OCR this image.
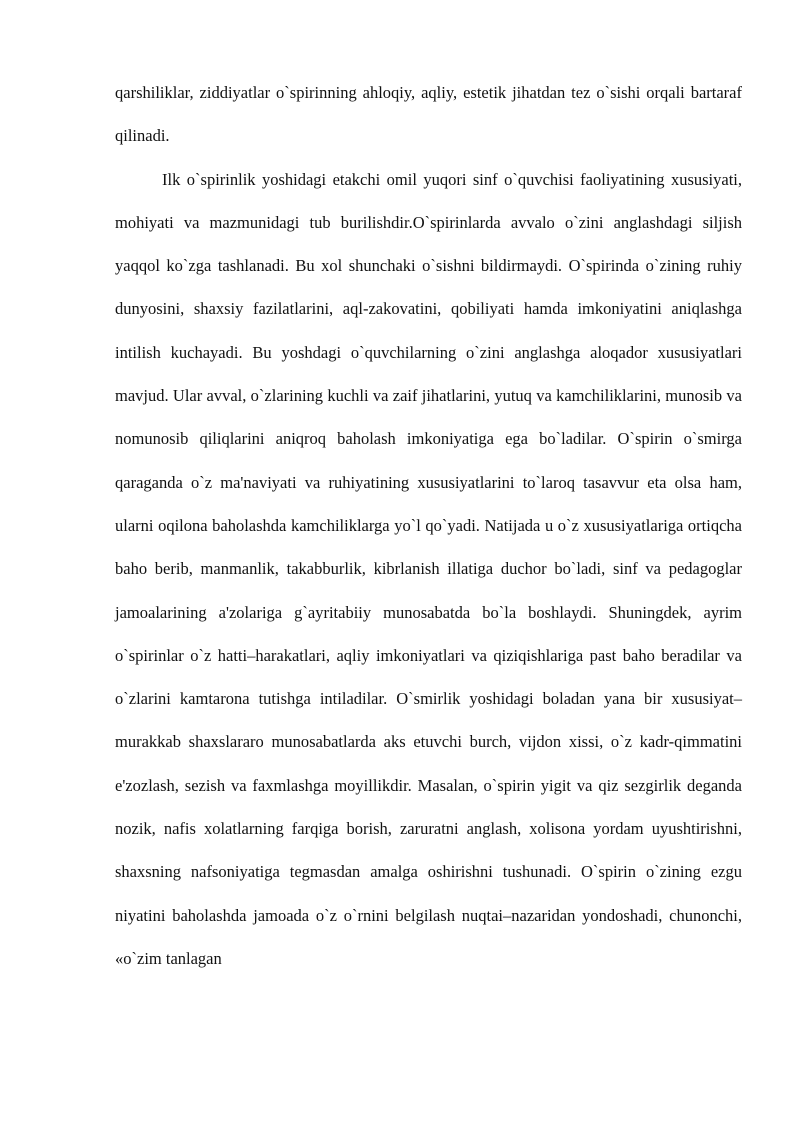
qarshiliklar, ziddiyatlar o`spirinning ahloqiy, aqliy, estetik jihatdan tez o`sishi orqali bartaraf qilinadi.

Ilk o`spirinlik yoshidagi etakchi omil yuqori sinf o`quvchisi faoliyatining xususiyati, mohiyati va mazmunidagi tub burilishdir.O`spirinlarda avvalo o`zini anglashdagi siljish yaqqol ko`zga tashlanadi. Bu xol shunchaki o`sishni bildirmaydi. O`spirinda o`zining ruhiy dunyosini, shaxsiy fazilatlarini, aql-zakovatini, qobiliyati hamda imkoniyatini aniqlashga intilish kuchayadi. Bu yoshdagi o`quvchilarning o`zini anglashga aloqador xususiyatlari mavjud. Ular avval, o`zlarining kuchli va zaif jihatlarini, yutuq va kamchiliklarini, munosib va nomunosib qiliqlarini aniqroq baholash imkoniyatiga ega bo`ladilar. O`spirin o`smirga qaraganda o`z ma'naviyati va ruhiyatining xususiyatlarini to`laroq tasavvur eta olsa ham, ularni oqilona baholashda kamchiliklarga yo`l qo`yadi. Natijada u o`z xususiyatlariga ortiqcha baho berib, manmanlik, takabburlik, kibrlanish illatiga duchor bo`ladi, sinf va pedagoglar jamoalarining a'zolariga g`ayritabiiy munosabatda bo`la boshlaydi. Shuningdek, ayrim o`spirinlar o`z hatti–harakatlari, aqliy imkoniyatlari va qiziqishlariga past baho beradilar va o`zlarini kamtarona tutishga intiladilar. O`smirlik yoshidagi boladan yana bir xususiyat–murakkab shaxslararo munosabatlarda aks etuvchi burch, vijdon xissi, o`z kadr-qimmatini e'zozlash, sezish va faxmlashga moyillikdir. Masalan, o`spirin yigit va qiz sezgirlik deganda nozik, nafis xolatlarning farqiga borish, zaruratni anglash, xolisona yordam uyushtirishni, shaxsning nafsoniyatiga tegmasdan amalga oshirishni tushunadi. O`spirin o`zining ezgu niyatini baholashda jamoada o`z o`rnini belgilash nuqtai–nazaridan yondoshadi, chunonchi, «o`zim tanlagan
